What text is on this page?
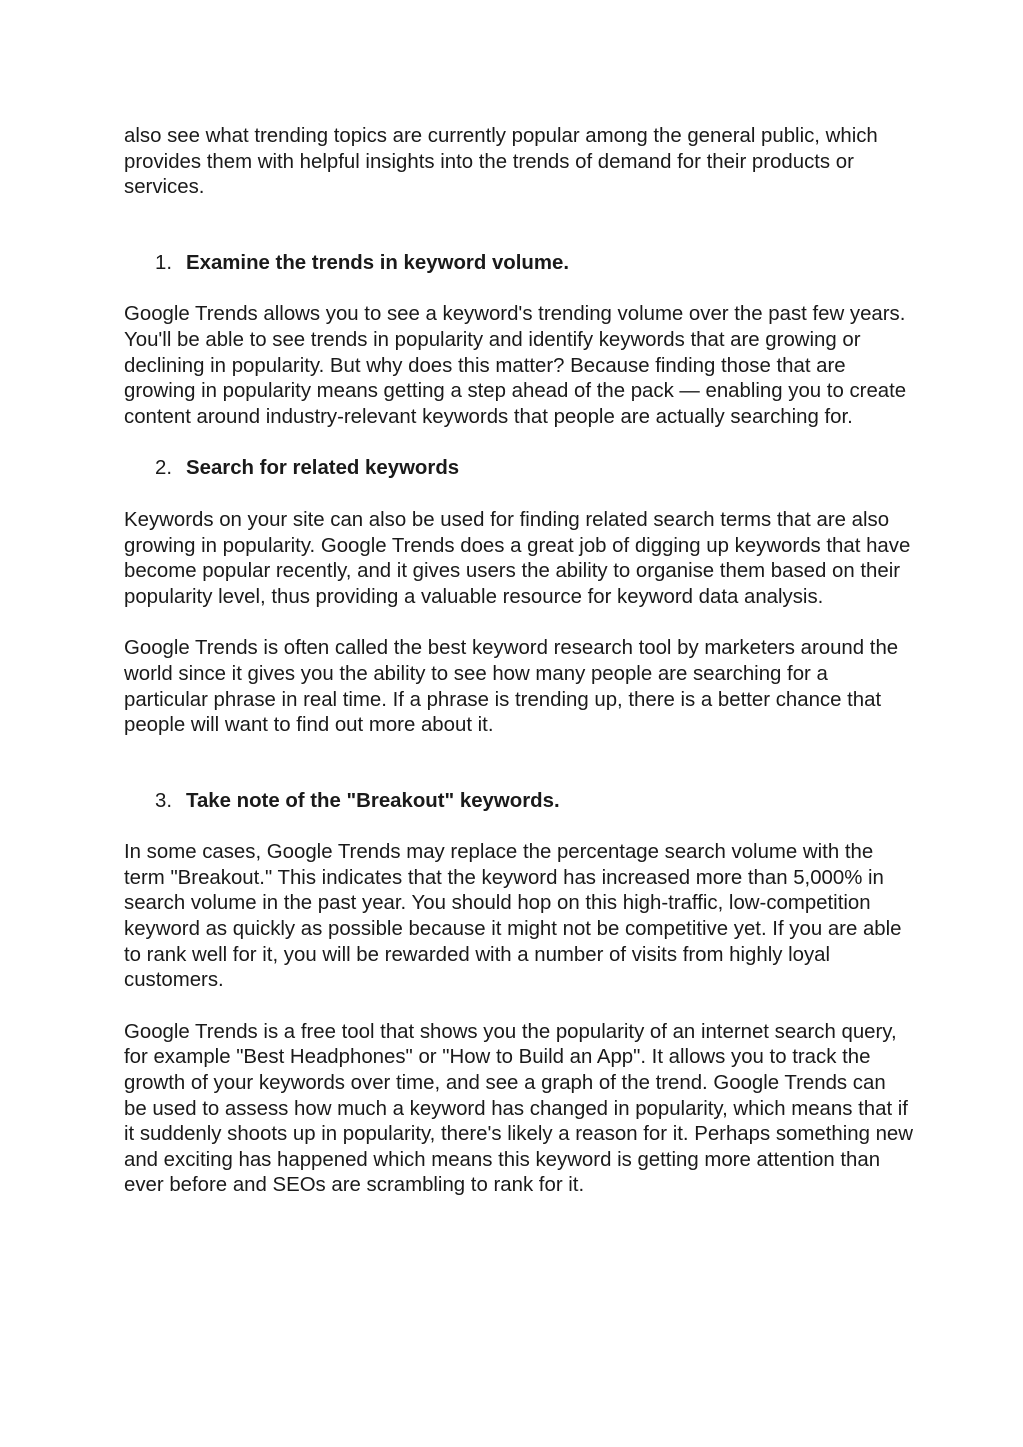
also see what trending topics are currently popular among the general public, which provides them with helpful insights into the trends of demand for their products or services.

1. Examine the trends in keyword volume.

Google Trends allows you to see a keyword's trending volume over the past few years. You'll be able to see trends in popularity and identify keywords that are growing or declining in popularity. But why does this matter? Because finding those that are growing in popularity means getting a step ahead of the pack — enabling you to create content around industry-relevant keywords that people are actually searching for.

2. Search for related keywords

Keywords on your site can also be used for finding related search terms that are also growing in popularity. Google Trends does a great job of digging up keywords that have become popular recently, and it gives users the ability to organise them based on their popularity level, thus providing a valuable resource for keyword data analysis.

Google Trends is often called the best keyword research tool by marketers around the world since it gives you the ability to see how many people are searching for a particular phrase in real time. If a phrase is trending up, there is a better chance that people will want to find out more about it.

3. Take note of the "Breakout" keywords.

In some cases, Google Trends may replace the percentage search volume with the term "Breakout." This indicates that the keyword has increased more than 5,000% in search volume in the past year. You should hop on this high-traffic, low-competition keyword as quickly as possible because it might not be competitive yet. If you are able to rank well for it, you will be rewarded with a number of visits from highly loyal customers.

Google Trends is a free tool that shows you the popularity of an internet search query, for example "Best Headphones" or "How to Build an App". It allows you to track the growth of your keywords over time, and see a graph of the trend. Google Trends can be used to assess how much a keyword has changed in popularity, which means that if it suddenly shoots up in popularity, there's likely a reason for it. Perhaps something new and exciting has happened which means this keyword is getting more attention than ever before and SEOs are scrambling to rank for it.
